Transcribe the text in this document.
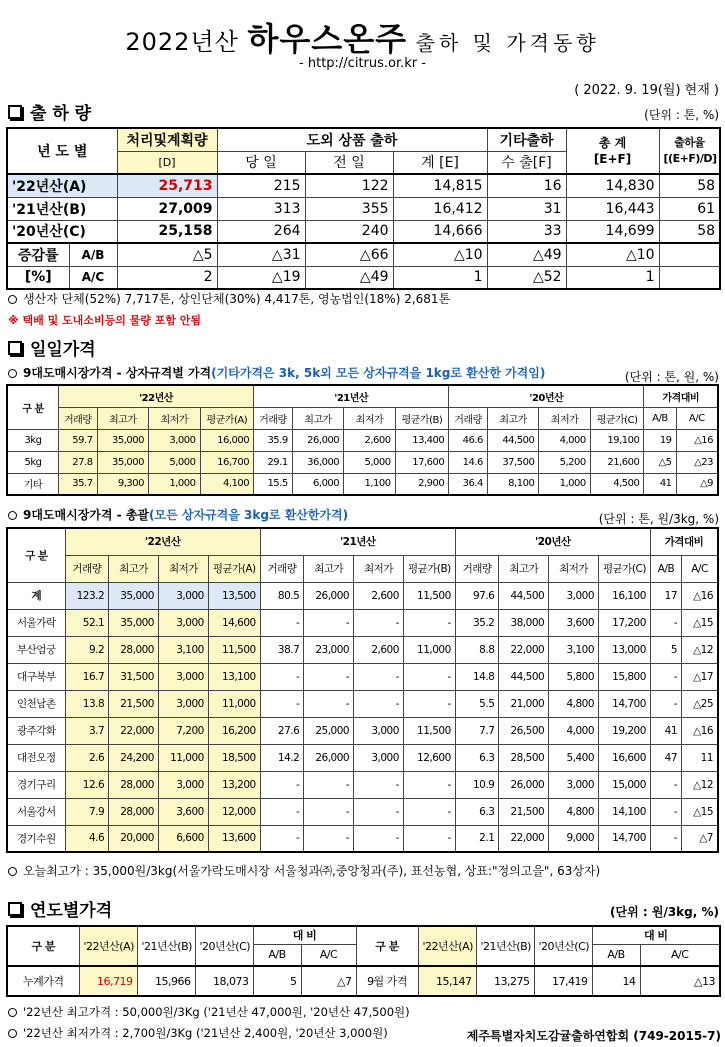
2022년산 하우스온주 출하 및 가격동향
- http://citrus.or.kr -
( 2022. 9. 19(월) 현재 )
출 하 량	(단위 : 톤, %)
년 도 별		처리및계획량	도외 상품 출하			기타출하	총 계
[E+F]	출하율
[(E+F)/D]
		[D]	당 일	전 일	계 [E]	수 출[F]		
'22년산(A)		25,713	215	122	14,815	16	14,830	58
'21년산(B)		27,009	313	355	16,412	31	16,443	61
'20년산(C)		25,158	264	240	14,666	33	14,699	58
증감률	A/B	△5	△31	△66	△10	△49	△10	
[%]	A/C	2	△19	△49	1	△52	1	
생산자 단체(52%) 7,717톤, 상인단체(30%) 4,417톤, 영농법인(18%) 2,681톤
※ 택배 및 도내소비등의 물량 포함 안됨
일일가격
9대도매시장가격 - 상자규격별 가격(기타가격은 3k, 5k외 모든 상자규격을 1kg로 환산한 가격임)	(단위 : 톤, 원, %)
구 분	'22년산				'21년산				'20년산				가격대비	
	거래량	최고가	최저가	평균가(A)	거래량	최고가	최저가	평균가(B)	거래량	최고가	최저가	평균가(C)	A/B	A/C
3kg	59.7	35,000	3,000	16,000	35.9	26,000	2,600	13,400	46.6	44,500	4,000	19,100	19	△16
5kg	27.8	35,000	5,000	16,700	29.1	36,000	5,000	17,600	14.6	37,500	5,200	21,600	△5	△23
기타	35.7	9,300	1,000	4,100	15.5	6,000	1,100	2,900	36.4	8,100	1,000	4,500	41	△9
9대도매시장가격 - 총괄(모든 상자규격을 3kg로 환산한가격)	(단위 : 톤, 원/3kg, %)
구 분	'22년산				'21년산				'20년산				가격대비	
	거래량	최고가	최저가	평균가(A)	거래량	최고가	최저가	평균가(B)	거래량	최고가	최저가	평균가(C)	A/B	A/C
계	123.2	35,000	3,000	13,500	80.5	26,000	2,600	11,500	97.6	44,500	3,000	16,100	17	△16
서울가락	52.1	35,000	3,000	14,600	-	-	-	-	35.2	38,000	3,600	17,200	-	△15
부산엄궁	9.2	28,000	3,100	11,500	38.7	23,000	2,600	11,000	8.8	22,000	3,100	13,000	5	△12
대구북부	16.7	31,500	3,000	13,100	-	-	-	-	14.8	44,500	5,800	15,800	-	△17
인천남촌	13.8	21,500	3,000	11,000	-	-	-	-	5.5	21,000	4,800	14,700	-	△25
광주각화	3.7	22,000	7,200	16,200	27.6	25,000	3,000	11,500	7.7	26,500	4,000	19,200	41	△16
대전오정	2.6	24,200	11,000	18,500	14.2	26,000	3,000	12,600	6.3	28,500	5,400	16,600	47	11
경기구리	12.6	28,000	3,000	13,200	-	-	-	-	10.9	26,000	3,000	15,000	-	△12
서울강서	7.9	28,000	3,600	12,000	-	-	-	-	6.3	21,500	4,800	14,100	-	△15
경기수원	4.6	20,000	6,600	13,600	-	-	-	-	2.1	22,000	9,000	14,700	-	△7
오늘최고가 : 35,000원/3kg(서울가락도매시장 서울청과㈜,중앙청과(주), 표선농협, 상표:"정의고을", 63상자)
연도별가격	(단위 : 원/3kg, %)
구 분	'22년산(A)	'21년산(B)	'20년산(C)	대 비		구 분	'22년산(A)	'21년산(B)	'20년산(C)	대 비	
				A/B	A/C					A/B	A/C
누계가격	16,719	15,966	18,073	5	△7	9월 가격	15,147	13,275	17,419	14	△13
'22년산 최고가격 : 50,000원/3Kg ('21년산 47,000원, '20년산 47,500원)
'22년산 최저가격 : 2,700원/3Kg ('21년산 2,400원, '20년산 3,000원)	제주특별자치도감귤출하연합회 (749-2015-7)
